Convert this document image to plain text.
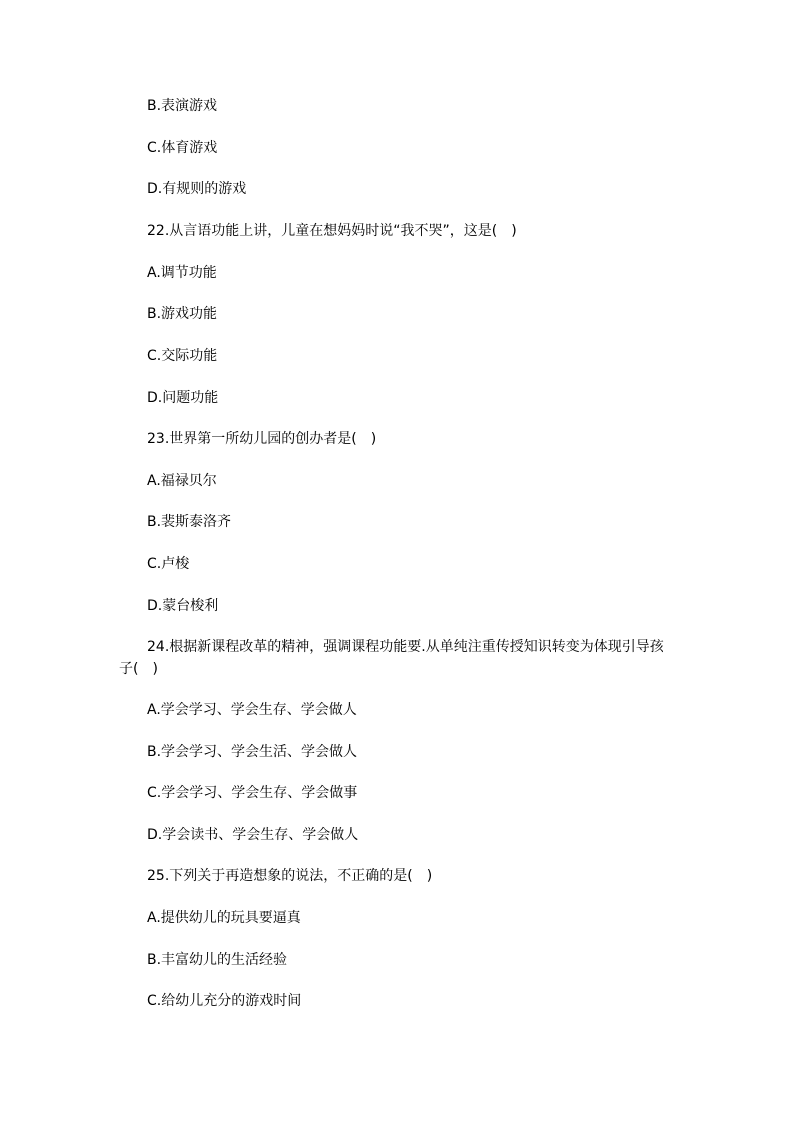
B.表演游戏
C.体育游戏
D.有规则的游戏
22.从言语功能上讲，儿童在想妈妈时说“我不哭”，这是(　)
A.调节功能
B.游戏功能
C.交际功能
D.问题功能
23.世界第一所幼儿园的创办者是(　)
A.福禄贝尔
B.裴斯泰洛齐
C.卢梭
D.蒙台梭利
24.根据新课程改革的精神，强调课程功能要.从单纯注重传授知识转变为体现引导孩
子(　)
A.学会学习、学会生存、学会做人
B.学会学习、学会生活、学会做人
C.学会学习、学会生存、学会做事
D.学会读书、学会生存、学会做人
25.下列关于再造想象的说法，不正确的是(　)
A.提供幼儿的玩具要逼真
B.丰富幼儿的生活经验
C.给幼儿充分的游戏时间
